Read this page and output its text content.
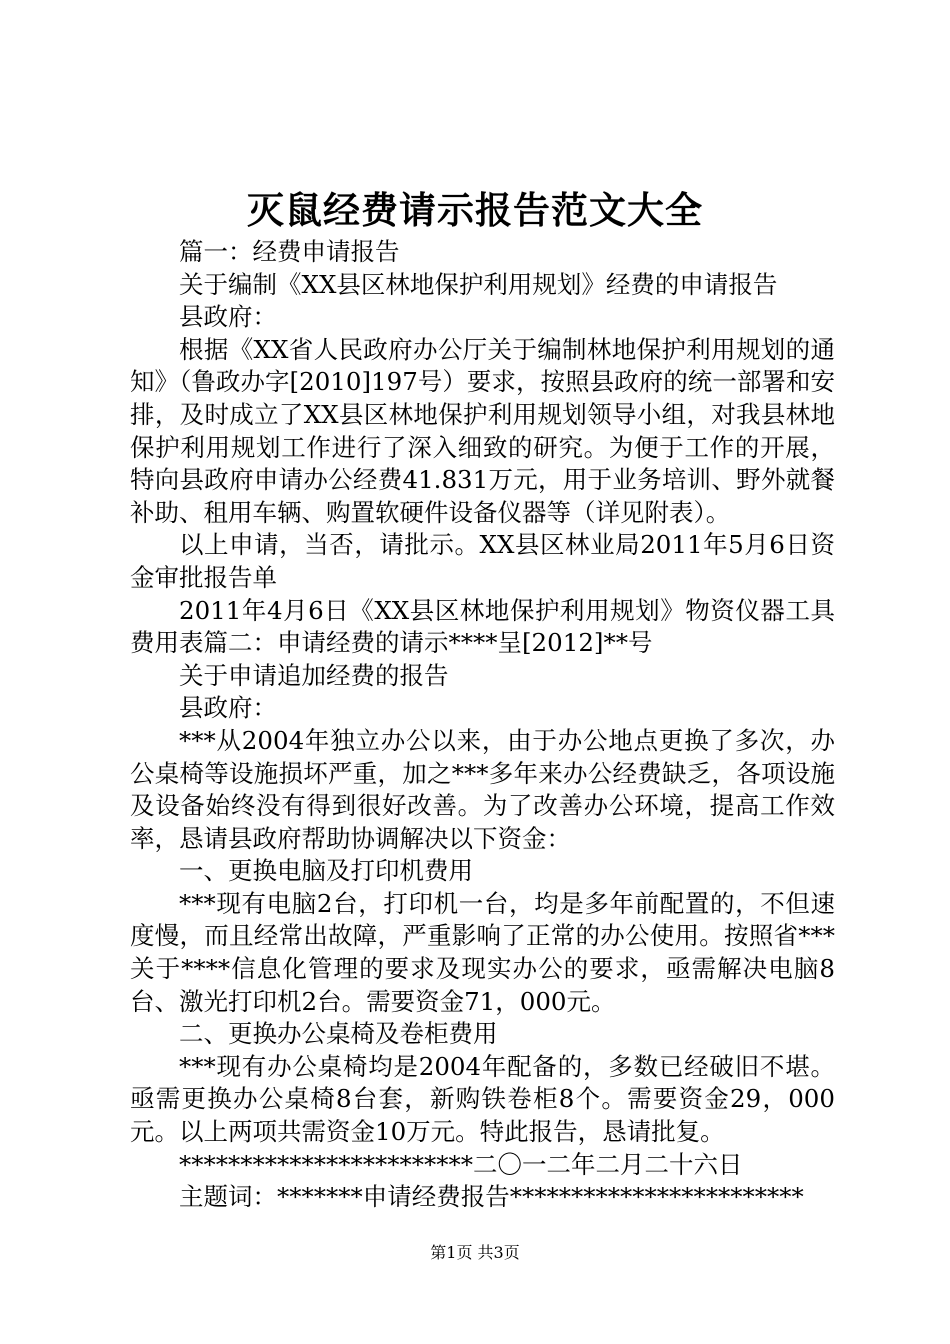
灭鼠经费请示报告范文大全

篇一：经费申请报告

关于编制《XX县区林地保护利用规划》经费的申请报告

县政府：

根据《XX省人民政府办公厅关于编制林地保护利用规划的通知》（鲁政办字[2010]197号）要求，按照县政府的统一部署和安排，及时成立了XX县区林地保护利用规划领导小组，对我县林地保护利用规划工作进行了深入细致的研究。为便于工作的开展，特向县政府申请办公经费41.831万元，用于业务培训、野外就餐补助、租用车辆、购置软硬件设备仪器等（详见附表）。

以上申请，当否，请批示。XX县区林业局2011年5月6日资金审批报告单

2011年4月6日《XX县区林地保护利用规划》物资仪器工具费用表篇二：申请经费的请示****呈[2012]**号

关于申请追加经费的报告

县政府：

***从2004年独立办公以来，由于办公地点更换了多次，办公桌椅等设施损坏严重，加之***多年来办公经费缺乏，各项设施及设备始终没有得到很好改善。为了改善办公环境，提高工作效率，恳请县政府帮助协调解决以下资金：

一、更换电脑及打印机费用

***现有电脑2台，打印机一台，均是多年前配置的，不但速度慢，而且经常出故障，严重影响了正常的办公使用。按照省***关于****信息化管理的要求及现实办公的要求，亟需解决电脑8台、激光打印机2台。需要资金71，000元。

二、更换办公桌椅及卷柜费用

***现有办公桌椅均是2004年配备的，多数已经破旧不堪。亟需更换办公桌椅8台套，新购铁卷柜8个。需要资金29，000元。以上两项共需资金10万元。特此报告，恳请批复。

************************二〇一二年二月二十六日

主题词：*******申请经费报告************************

第1页 共3页
